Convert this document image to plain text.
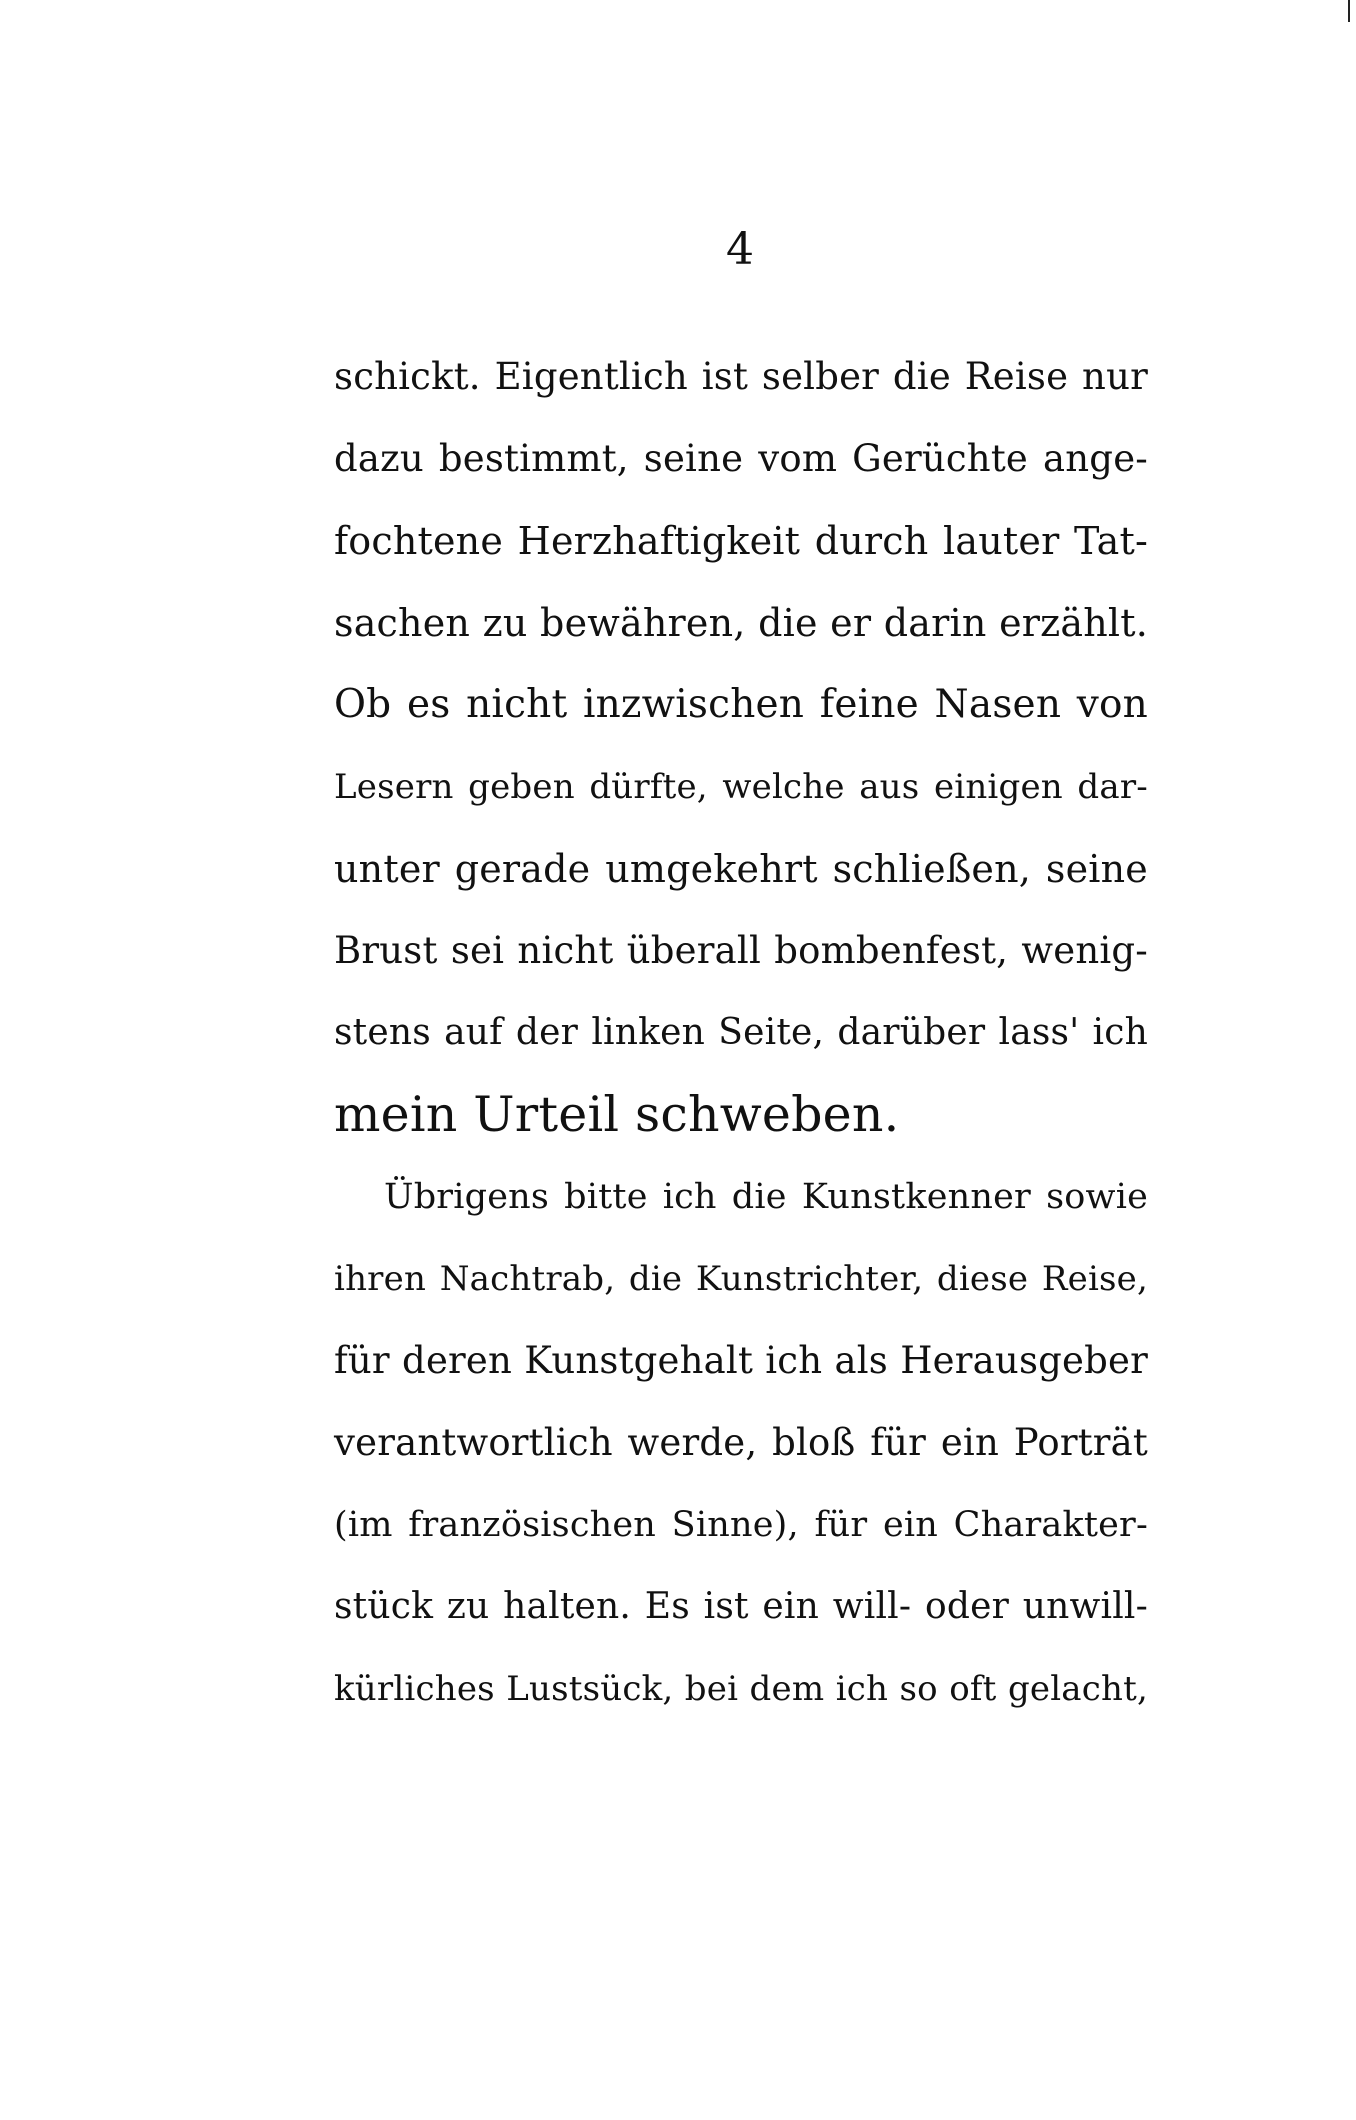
4
schickt. Eigentlich ist selber die Reise nur
dazu bestimmt, seine vom Gerüchte ange-
fochtene Herzhaftigkeit durch lauter Tat-
sachen zu bewähren, die er darin erzählt.
Ob es nicht inzwischen feine Nasen von
Lesern geben dürfte, welche aus einigen dar-
unter gerade umgekehrt schließen, seine
Brust sei nicht überall bombenfest, wenig-
stens auf der linken Seite, darüber lass' ich
mein Urteil schweben.
Übrigens bitte ich die Kunstkenner sowie
ihren Nachtrab, die Kunstrichter, diese Reise,
für deren Kunstgehalt ich als Herausgeber
verantwortlich werde, bloß für ein Porträt
(im französischen Sinne), für ein Charakter-
stück zu halten. Es ist ein will- oder unwill-
kürliches Lustsück, bei dem ich so oft gelacht,
